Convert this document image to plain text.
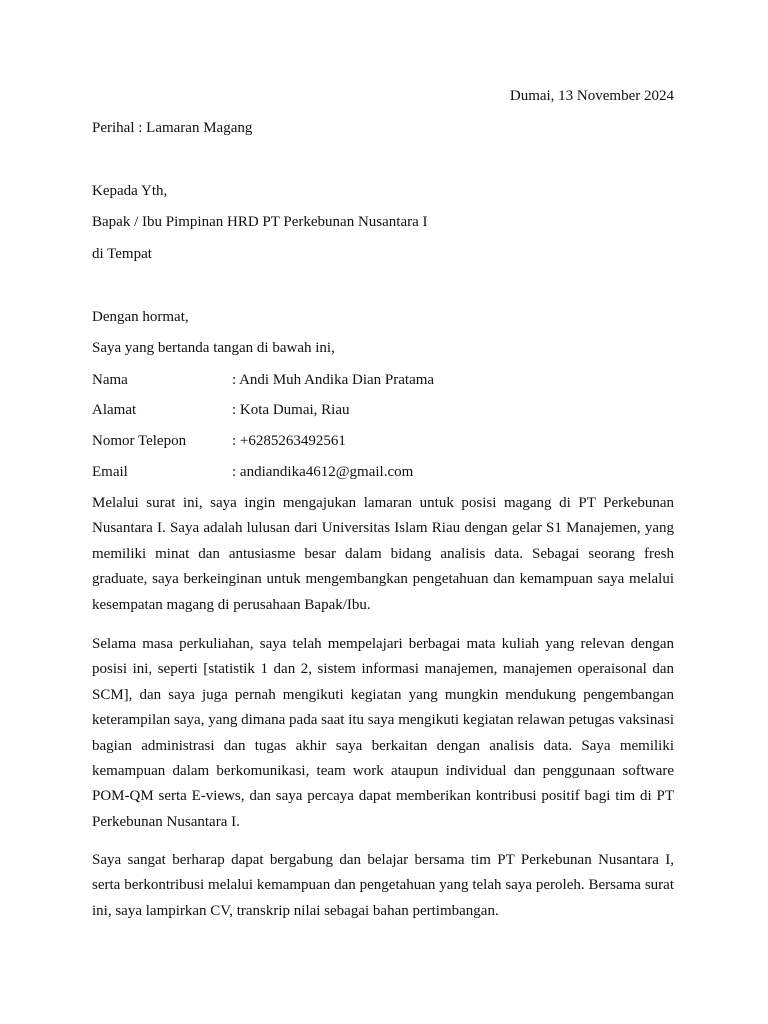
Dumai, 13 November 2024
Perihal : Lamaran Magang
Kepada Yth,
Bapak / Ibu Pimpinan HRD PT Perkebunan Nusantara I
di Tempat
Dengan hormat,
Saya yang bertanda tangan di bawah ini,
Nama	: Andi Muh Andika Dian Pratama
Alamat	: Kota Dumai, Riau
Nomor Telepon	: +6285263492561
Email	: andiandika4612@gmail.com
Melalui surat ini, saya ingin mengajukan lamaran untuk posisi magang di PT Perkebunan Nusantara I. Saya adalah lulusan dari Universitas Islam Riau dengan gelar S1 Manajemen, yang memiliki minat dan antusiasme besar dalam bidang analisis data. Sebagai seorang fresh graduate, saya berkeinginan untuk mengembangkan pengetahuan dan kemampuan saya melalui kesempatan magang di perusahaan Bapak/Ibu.
Selama masa perkuliahan, saya telah mempelajari berbagai mata kuliah yang relevan dengan posisi ini, seperti [statistik 1 dan 2, sistem informasi manajemen, manajemen operaisonal dan SCM], dan saya juga pernah mengikuti kegiatan yang mungkin mendukung pengembangan keterampilan saya, yang dimana pada saat itu saya mengikuti kegiatan relawan petugas vaksinasi bagian administrasi dan tugas akhir saya berkaitan dengan analisis data. Saya memiliki kemampuan dalam berkomunikasi, team work ataupun individual dan penggunaan software POM-QM serta E-views, dan saya percaya dapat memberikan kontribusi positif bagi tim di PT Perkebunan Nusantara I.
Saya sangat berharap dapat bergabung dan belajar bersama tim PT Perkebunan Nusantara I, serta berkontribusi melalui kemampuan dan pengetahuan yang telah saya peroleh. Bersama surat ini, saya lampirkan CV, transkrip nilai sebagai bahan pertimbangan.
